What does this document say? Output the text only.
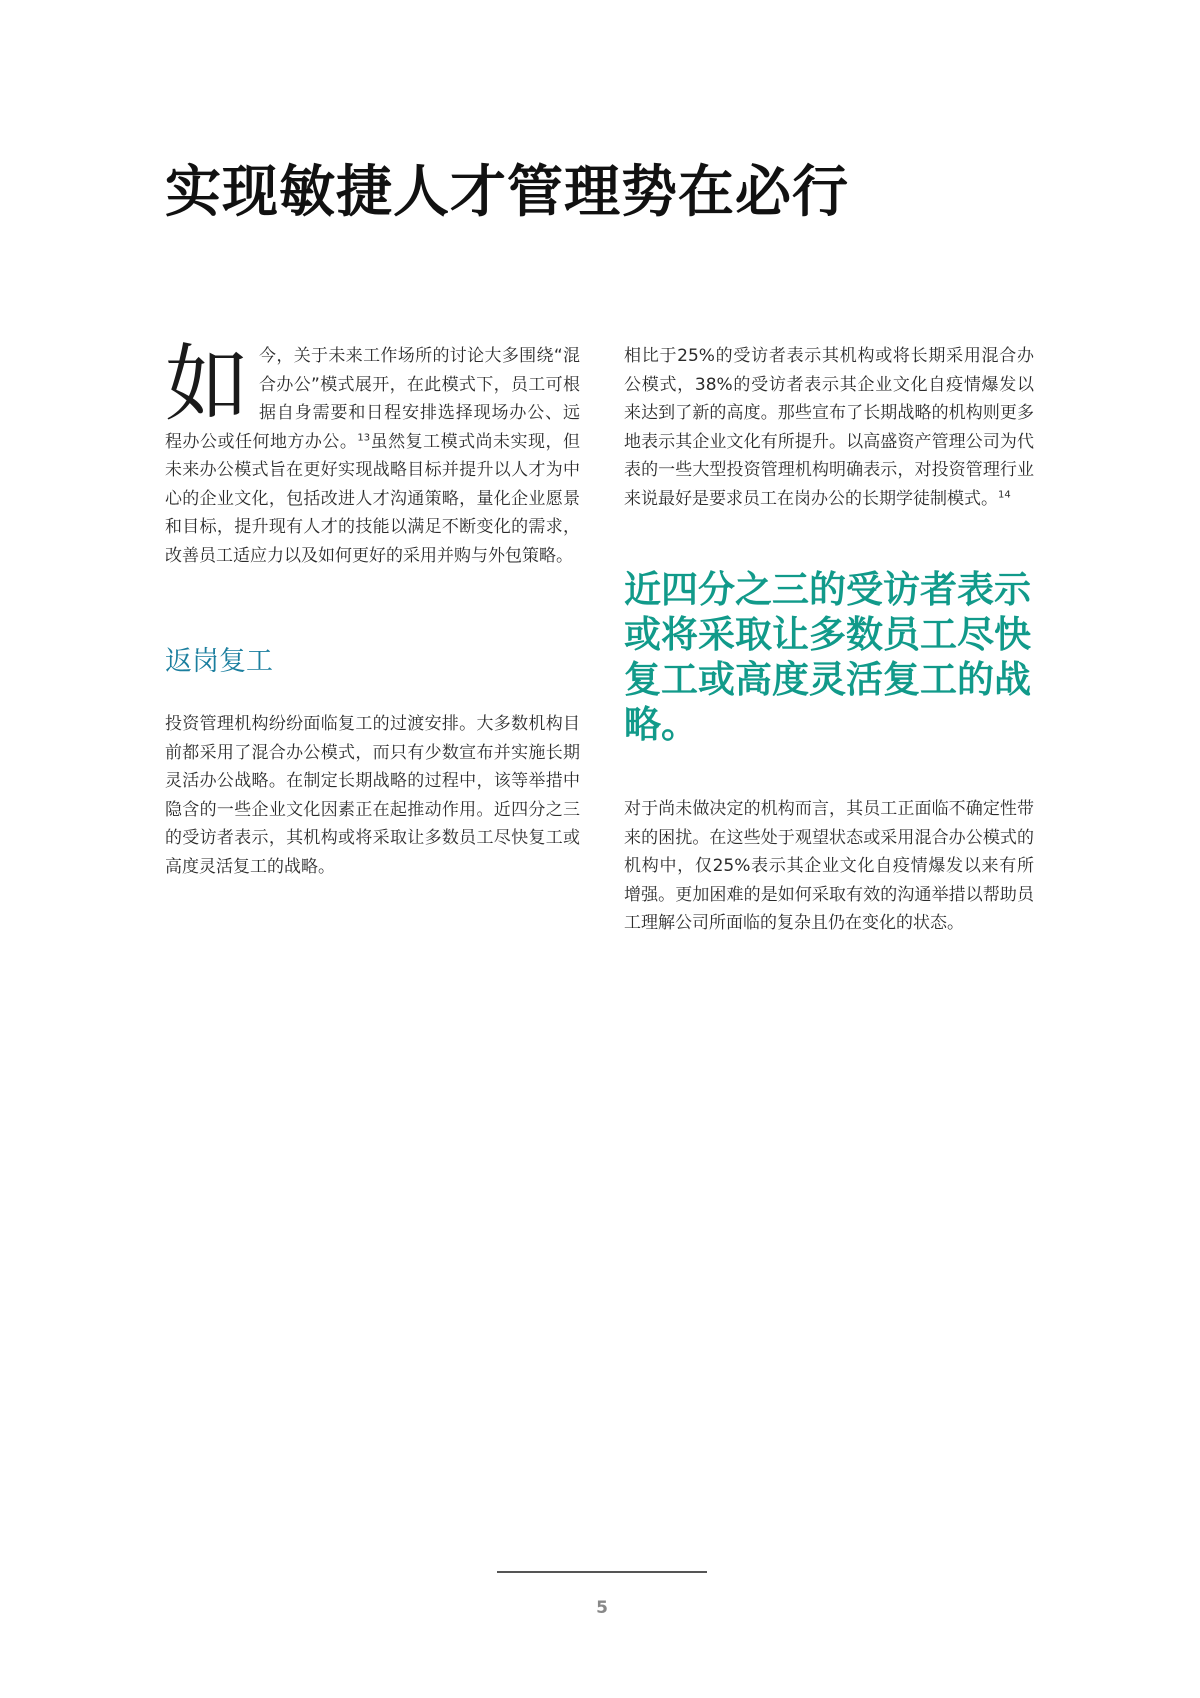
实现敏捷人才管理势在必行

如今，关于未来工作场所的讨论大多围绕“混合办公”模式展开，在此模式下，员工可根据自身需要和日程安排选择现场办公、远程办公或任何地方办公。$^{13}$虽然复工模式尚未实现，但未来办公模式旨在更好实现战略目标并提升以人才为中心的企业文化，包括改进人才沟通策略，量化企业愿景和目标，提升现有人才的技能以满足不断变化的需求，改善员工适应力以及如何更好的采用并购与外包策略。

返岗复工

投资管理机构纷纷面临复工的过渡安排。大多数机构目前都采用了混合办公模式，而只有少数宣布并实施长期灵活办公战略。在制定长期战略的过程中，该等举措中隐含的一些企业文化因素正在起推动作用。近四分之三的受访者表示，其机构或将采取让多数员工尽快复工或高度灵活复工的战略。

相比于25%的受访者表示其机构或将长期采用混合办公模式，38%的受访者表示其企业文化自疫情爆发以来达到了新的高度。那些宣布了长期战略的机构则更多地表示其企业文化有所提升。以高盛资产管理公司为代表的一些大型投资管理机构明确表示，对投资管理行业来说最好是要求员工在岗办公的长期学徒制模式。$^{14}$

近四分之三的受访者表示或将采取让多数员工尽快复工或高度灵活复工的战略。

对于尚未做决定的机构而言，其员工正面临不确定性带来的困扰。在这些处于观望状态或采用混合办公模式的机构中，仅25%表示其企业文化自疫情爆发以来有所增强。更加困难的是如何采取有效的沟通举措以帮助员工理解公司所面临的复杂且仍在变化的状态。

5
